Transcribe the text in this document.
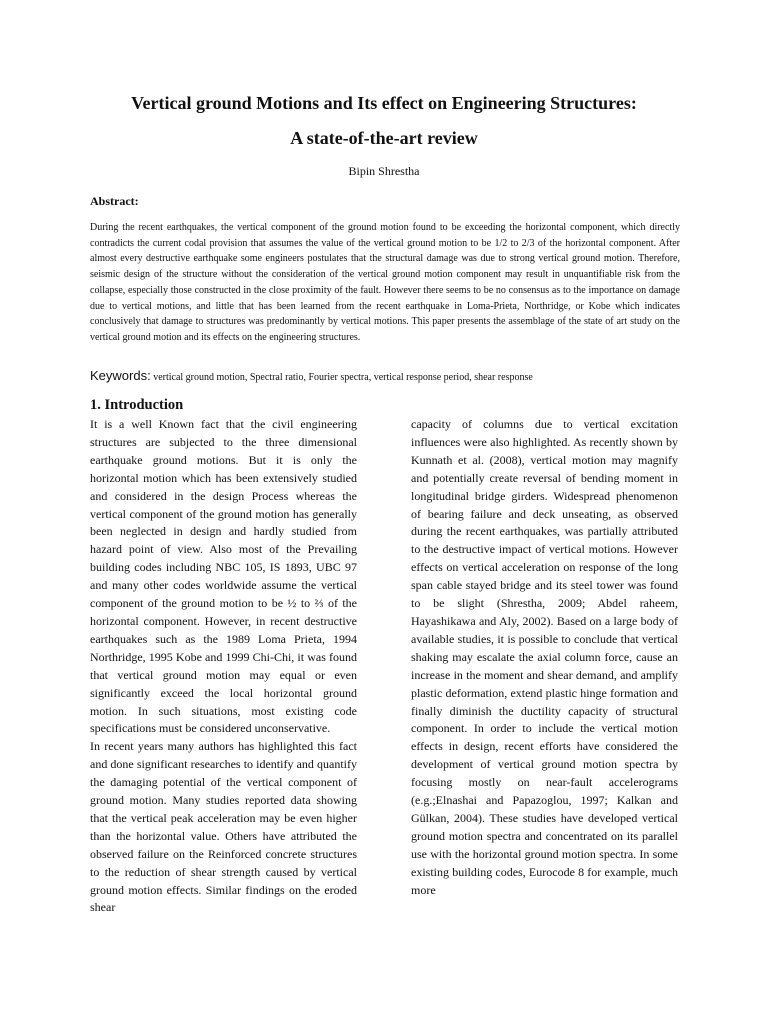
Vertical ground Motions and Its effect on Engineering Structures:
A state-of-the-art review
Bipin Shrestha
Abstract:
During the recent earthquakes, the vertical component of the ground motion found to be exceeding the horizontal component, which directly contradicts the current codal provision that assumes the value of the vertical ground motion to be 1/2 to 2/3 of the horizontal component. After almost every destructive earthquake some engineers postulates that the structural damage was due to strong vertical ground motion. Therefore, seismic design of the structure without the consideration of the vertical ground motion component may result in unquantifiable risk from the collapse, especially those constructed in the close proximity of the fault. However there seems to be no consensus as to the importance on damage due to vertical motions, and little that has been learned from the recent earthquake in Loma-Prieta, Northridge, or Kobe which indicates conclusively that damage to structures was predominantly by vertical motions. This paper presents the assemblage of the state of art study on the vertical ground motion and its effects on the engineering structures.
Keywords: vertical ground motion, Spectral ratio, Fourier spectra, vertical response period, shear response
1. Introduction

It is a well Known fact that the civil engineering structures are subjected to the three dimensional earthquake ground motions. But it is only the horizontal motion which has been extensively studied and considered in the design Process whereas the vertical component of the ground motion has generally been neglected in design and hardly studied from hazard point of view. Also most of the Prevailing building codes including NBC 105, IS 1893, UBC 97 and many other codes worldwide assume the vertical component of the ground motion to be ½ to ⅔ of the horizontal component. However, in recent destructive earthquakes such as the 1989 Loma Prieta, 1994 Northridge, 1995 Kobe and 1999 Chi-Chi, it was found that vertical ground motion may equal or even significantly exceed the local horizontal ground motion. In such situations, most existing code specifications must be considered unconservative.

In recent years many authors has highlighted this fact and done significant researches to identify and quantify the damaging potential of the vertical component of ground motion. Many studies reported data showing that the vertical peak acceleration may be even higher than the horizontal value. Others have attributed the observed failure on the Reinforced concrete structures to the reduction of shear strength caused by vertical ground motion effects. Similar findings on the eroded shear

capacity of columns due to vertical excitation influences were also highlighted. As recently shown by Kunnath et al. (2008), vertical motion may magnify and potentially create reversal of bending moment in longitudinal bridge girders. Widespread phenomenon of bearing failure and deck unseating, as observed during the recent earthquakes, was partially attributed to the destructive impact of vertical motions. However effects on vertical acceleration on response of the long span cable stayed bridge and its steel tower was found to be slight (Shrestha, 2009; Abdel raheem, Hayashikawa and Aly, 2002). Based on a large body of available studies, it is possible to conclude that vertical shaking may escalate the axial column force, cause an increase in the moment and shear demand, and amplify plastic deformation, extend plastic hinge formation and finally diminish the ductility capacity of structural component. In order to include the vertical motion effects in design, recent efforts have considered the development of vertical ground motion spectra by focusing mostly on near-fault accelerograms (e.g.;Elnashai and Papazoglou, 1997; Kalkan and Gülkan, 2004). These studies have developed vertical ground motion spectra and concentrated on its parallel use with the horizontal ground motion spectra. In some existing building codes, Eurocode 8 for example, much more
